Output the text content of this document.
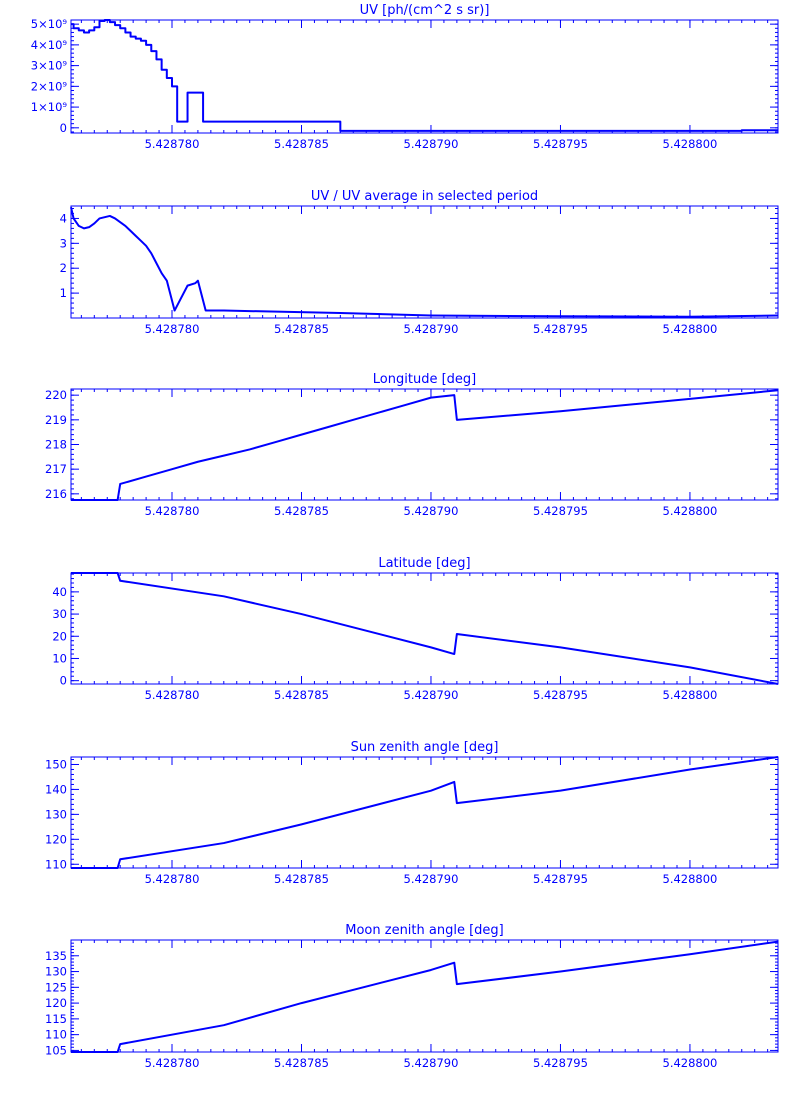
UV [ph/(cm^2 s sr)]
5.428780	5.428785	5.428790	5.428795	5.428800
0
1×10⁹
2×10⁹
3×10⁹
4×10⁹
5×10⁹
UV / UV average in selected period
5.428780	5.428785	5.428790	5.428795	5.428800
1
2
3
4
Longitude [deg]
5.428780	5.428785	5.428790	5.428795	5.428800
216
217
218
219
220
Latitude [deg]
5.428780	5.428785	5.428790	5.428795	5.428800
0
10
20
30
40
Sun zenith angle [deg]
5.428780	5.428785	5.428790	5.428795	5.428800
110
120
130
140
150
Moon zenith angle [deg]
5.428780	5.428785	5.428790	5.428795	5.428800
105
110
115
120
125
130
135
